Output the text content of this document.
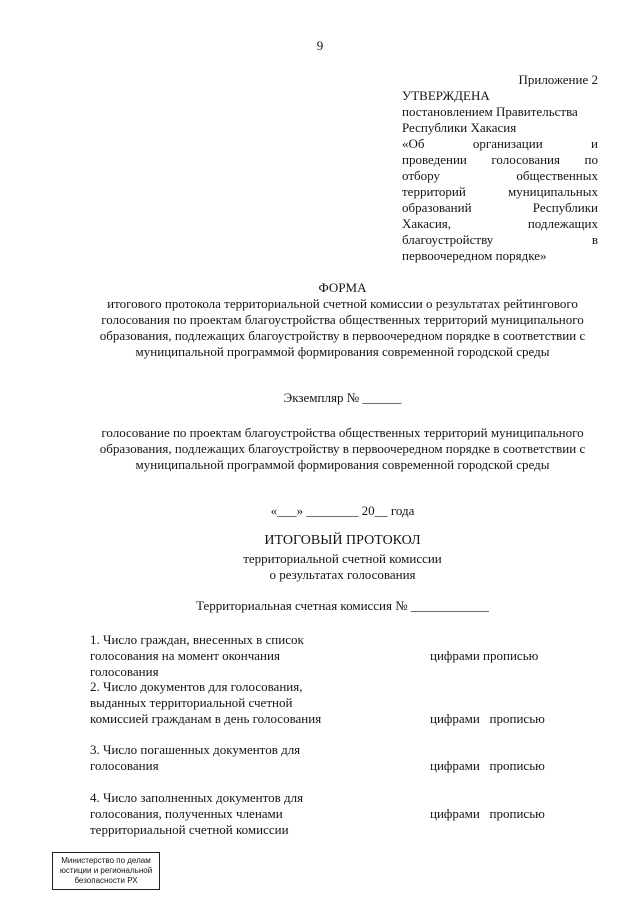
9
Приложение 2
УТВЕРЖДЕНА
постановлением Правительства
Республики Хакасия
«Об организации и
проведении голосования по
отбору общественных
территорий муниципальных
образований Республики
Хакасия, подлежащих
благоустройству в
первоочередном порядке»
ФОРМА
итогового протокола территориальной счетной комиссии о результатах рейтингового голосования по проектам благоустройства общественных территорий муниципального образования, подлежащих благоустройству в первоочередном порядке в соответствии с муниципальной программой формирования современной городской среды
Экземпляр № ______
голосование по проектам благоустройства общественных территорий муниципального образования, подлежащих благоустройству в первоочередном порядке в соответствии с муниципальной программой формирования современной городской среды
«___» ________ 20__ года
ИТОГОВЫЙ ПРОТОКОЛ
территориальной счетной комиссии
о результатах голосования
Территориальная счетная комиссия № ____________
1. Число граждан, внесенных в список голосования на момент окончания голосования
цифрами прописью
2. Число документов для голосования, выданных территориальной счетной комиссией гражданам в день голосования	цифрами прописью
3. Число погашенных документов для голосования	цифрами прописью
4. Число заполненных документов для голосования, полученных членами территориальной счетной комиссии
цифрами прописью
Министерство по делам
юстиции и региональной
безопасности РХ
